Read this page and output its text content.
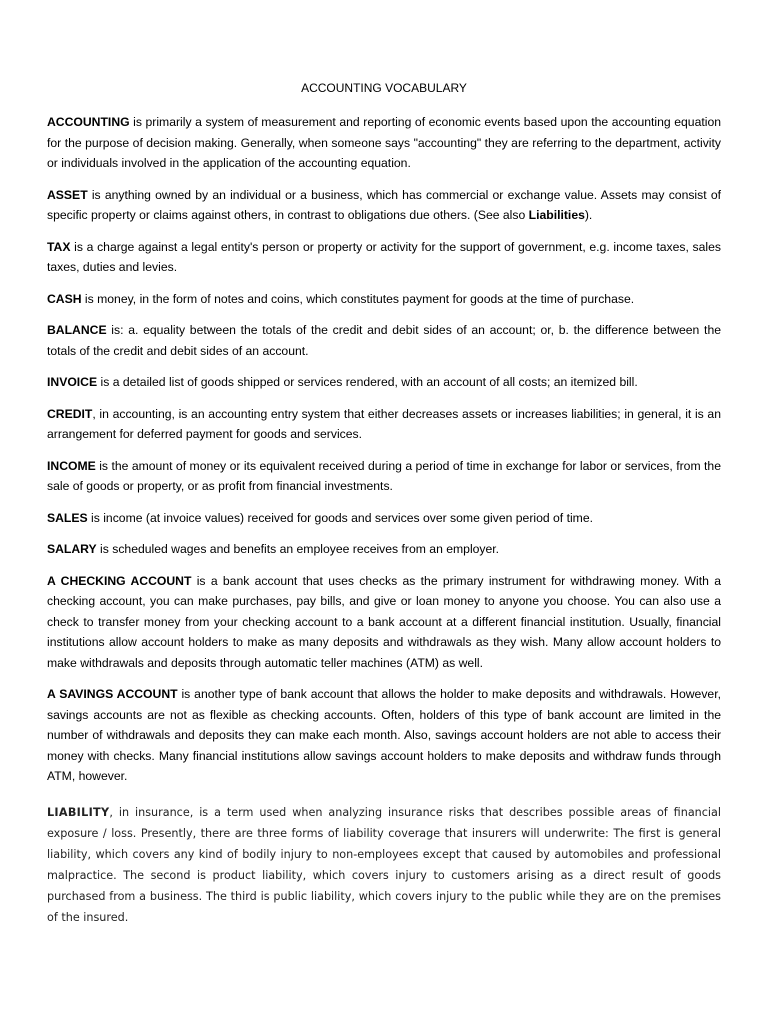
ACCOUNTING VOCABULARY

ACCOUNTING is primarily a system of measurement and reporting of economic events based upon the accounting equation for the purpose of decision making. Generally, when someone says "accounting" they are referring to the department, activity or individuals involved in the application of the accounting equation.

ASSET is anything owned by an individual or a business, which has commercial or exchange value. Assets may consist of specific property or claims against others, in contrast to obligations due others. (See also Liabilities).

TAX is a charge against a legal entity's person or property or activity for the support of government, e.g. income taxes, sales taxes, duties and levies.

CASH is money, in the form of notes and coins, which constitutes payment for goods at the time of purchase.

BALANCE is: a. equality between the totals of the credit and debit sides of an account; or, b. the difference between the totals of the credit and debit sides of an account.

INVOICE is a detailed list of goods shipped or services rendered, with an account of all costs; an itemized bill.

CREDIT, in accounting, is an accounting entry system that either decreases assets or increases liabilities; in general, it is an arrangement for deferred payment for goods and services.

INCOME is the amount of money or its equivalent received during a period of time in exchange for labor or services, from the sale of goods or property, or as profit from financial investments.

SALES is income (at invoice values) received for goods and services over some given period of time.

SALARY is scheduled wages and benefits an employee receives from an employer.

A CHECKING ACCOUNT is a bank account that uses checks as the primary instrument for withdrawing money. With a checking account, you can make purchases, pay bills, and give or loan money to anyone you choose. You can also use a check to transfer money from your checking account to a bank account at a different financial institution. Usually, financial institutions allow account holders to make as many deposits and withdrawals as they wish. Many allow account holders to make withdrawals and deposits through automatic teller machines (ATM) as well.

A SAVINGS ACCOUNT is another type of bank account that allows the holder to make deposits and withdrawals. However, savings accounts are not as flexible as checking accounts. Often, holders of this type of bank account are limited in the number of withdrawals and deposits they can make each month. Also, savings account holders are not able to access their money with checks. Many financial institutions allow savings account holders to make deposits and withdraw funds through ATM, however.

LIABILITY, in insurance, is a term used when analyzing insurance risks that describes possible areas of financial exposure / loss. Presently, there are three forms of liability coverage that insurers will underwrite: The first is general liability, which covers any kind of bodily injury to non-employees except that caused by automobiles and professional malpractice. The second is product liability, which covers injury to customers arising as a direct result of goods purchased from a business. The third is public liability, which covers injury to the public while they are on the premises of the insured.
